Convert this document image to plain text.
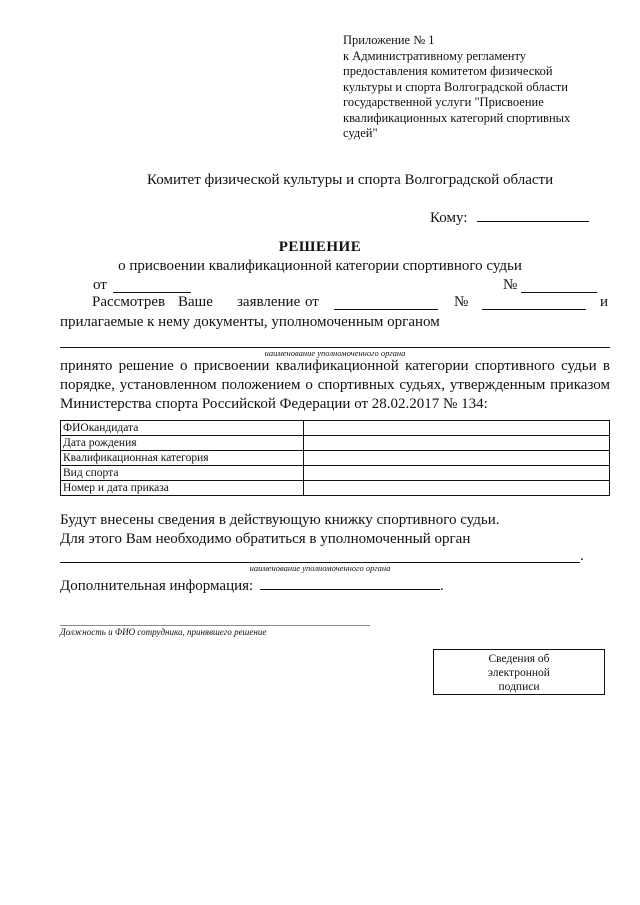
Приложение № 1
к Административному регламенту
предоставления комитетом физической
культуры и спорта Волгоградской области
государственной услуги "Присвоение
квалификационных категорий спортивных
судей"
Комитет физической культуры и спорта Волгоградской области
Кому:
РЕШЕНИЕ
о присвоении квалификационной категории спортивного судьи
от	№
Рассмотрев Ваше заявление от	№	и
прилагаемые к нему документы, уполномоченным органом
наименование уполномоченного органа
принято решение о присвоении квалификационной категории спортивного судьи в порядке, установленном положением о спортивных судьях, утвержденным приказом Министерства спорта Российской Федерации от 28.02.2017 № 134:
ФИОкандидата	
Дата рождения	
Квалификационная категория	
Вид спорта	
Номер и дата приказа	
Будут внесены сведения в действующую книжку спортивного судьи.
Для этого Вам необходимо обратиться в уполномоченный орган
.
наименование уполномоченного органа
Дополнительная информация:	.
Должность и ФИО сотрудника, принявшего решение
Сведения об
электронной
подписи
